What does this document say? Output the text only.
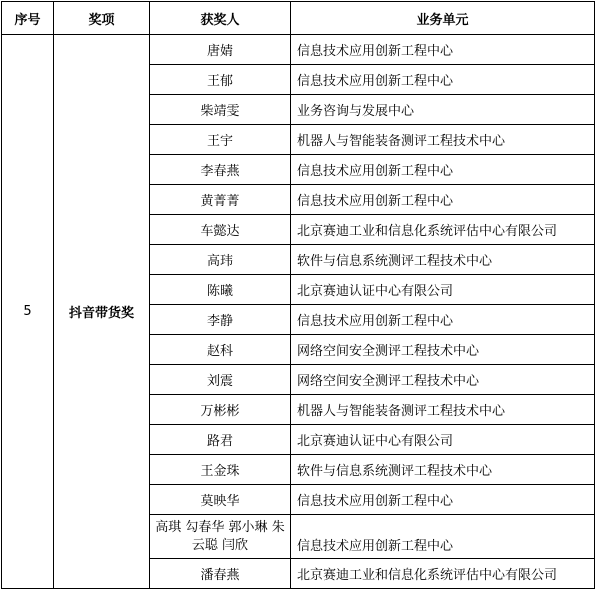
序号	奖项	获奖人	业务单元
5	抖音带货奖	唐婧	信息技术应用创新工程中心
		王郁	信息技术应用创新工程中心
		柴靖雯	业务咨询与发展中心
		王宇	机器人与智能装备测评工程技术中心
		李春燕	信息技术应用创新工程中心
		黄菁菁	信息技术应用创新工程中心
		车懿达	北京赛迪工业和信息化系统评估中心有限公司
		高玮	软件与信息系统测评工程技术中心
		陈曦	北京赛迪认证中心有限公司
		李静	信息技术应用创新工程中心
		赵科	网络空间安全测评工程技术中心
		刘震	网络空间安全测评工程技术中心
		万彬彬	机器人与智能装备测评工程技术中心
		路君	北京赛迪认证中心有限公司
		王金珠	软件与信息系统测评工程技术中心
		莫映华	信息技术应用创新工程中心
		高琪 勾春华 郭小琳 朱云聪 闫欣	信息技术应用创新工程中心
		潘春燕	北京赛迪工业和信息化系统评估中心有限公司
